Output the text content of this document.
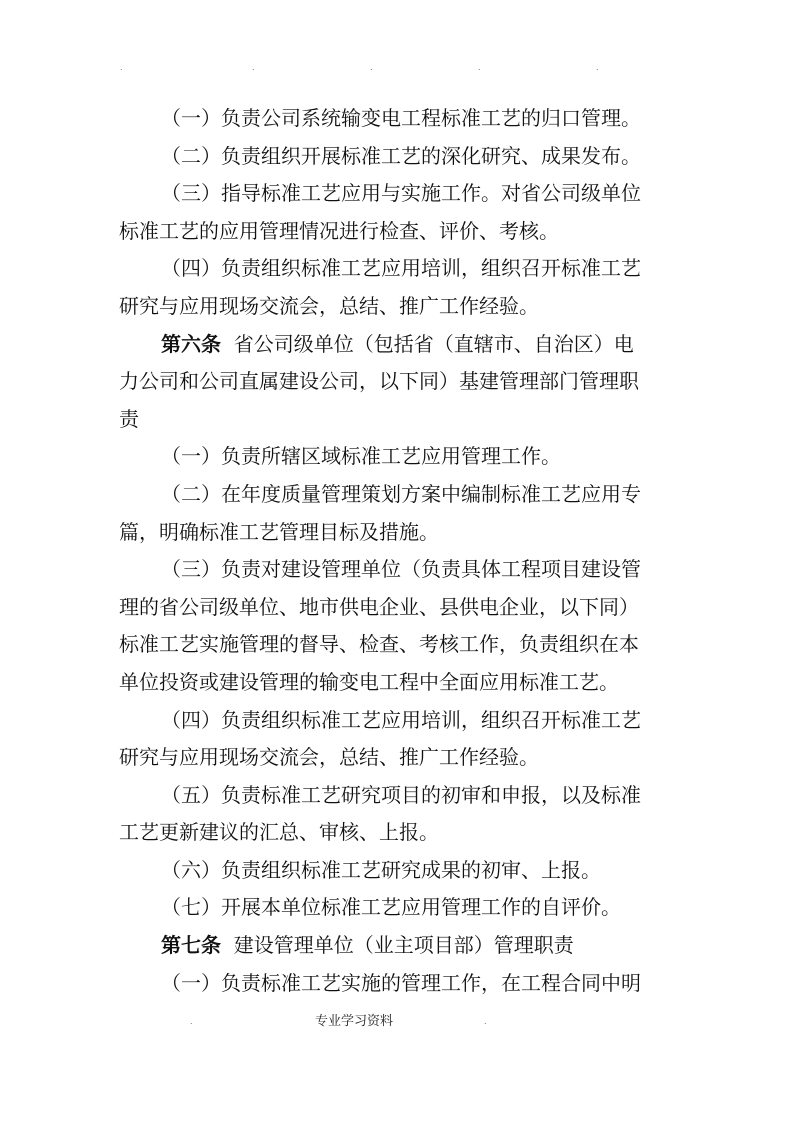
.	.	.	.	.
（一）负责公司系统输变电工程标准工艺的归口管理。
（二）负责组织开展标准工艺的深化研究、成果发布。
（三）指导标准工艺应用与实施工作。对省公司级单位
标准工艺的应用管理情况进行检查、评价、考核。
（四）负责组织标准工艺应用培训，组织召开标准工艺
研究与应用现场交流会，总结、推广工作经验。
第六条 省公司级单位（包括省（直辖市、自治区）电
力公司和公司直属建设公司，以下同）基建管理部门管理职
责
（一）负责所辖区域标准工艺应用管理工作。
（二）在年度质量管理策划方案中编制标准工艺应用专
篇，明确标准工艺管理目标及措施。
（三）负责对建设管理单位（负责具体工程项目建设管
理的省公司级单位、地市供电企业、县供电企业，以下同）
标准工艺实施管理的督导、检查、考核工作，负责组织在本
单位投资或建设管理的输变电工程中全面应用标准工艺。
（四）负责组织标准工艺应用培训，组织召开标准工艺
研究与应用现场交流会，总结、推广工作经验。
（五）负责标准工艺研究项目的初审和申报，以及标准
工艺更新建议的汇总、审核、上报。
（六）负责组织标准工艺研究成果的初审、上报。
（七）开展本单位标准工艺应用管理工作的自评价。
第七条 建设管理单位（业主项目部）管理职责
（一）负责标准工艺实施的管理工作，在工程合同中明
.	专业学习资料	.
